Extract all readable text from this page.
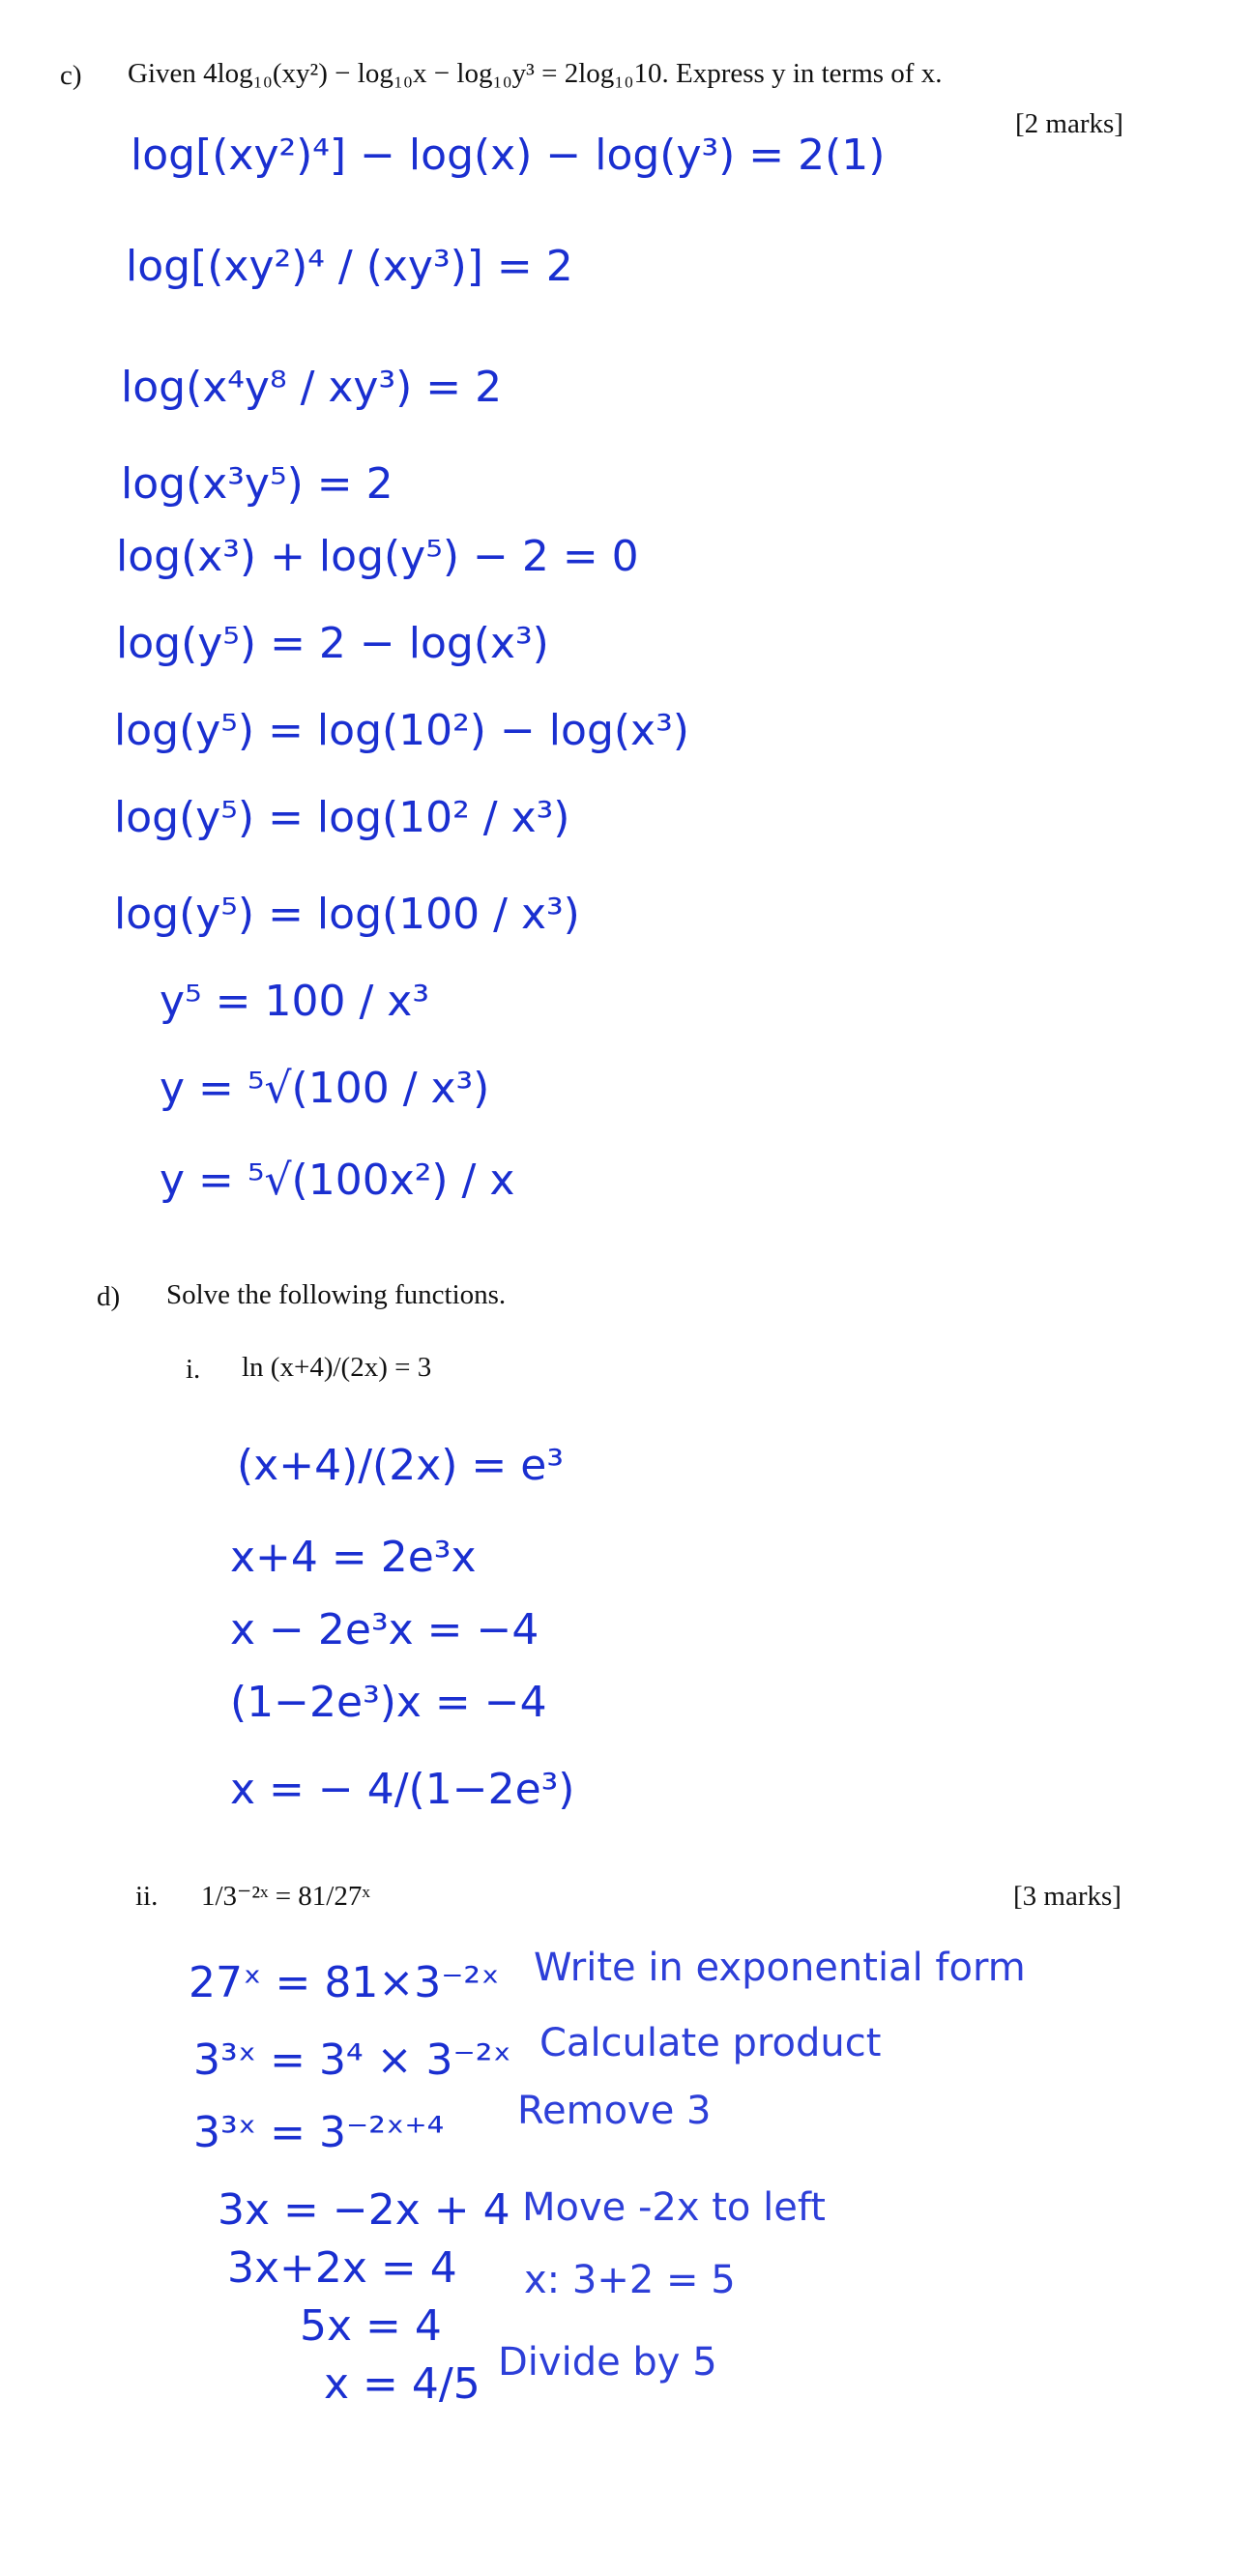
c) Given 4log₁₀(xy²) − log₁₀x − log₁₀y³ = 2log₁₀10. Express y in terms of x.
[2 marks]
log[(xy²)⁴] − log(x) − log(y³) = 2(1)
log[(xy²)⁴ / (xy³)] = 2
log(x⁴y⁸ / xy³) = 2
log(x³y⁵) = 2
log(x³) + log(y⁵) − 2 = 0
log(y⁵) = 2 − log(x³)
log(y⁵) = log(10²) − log(x³)
log(y⁵) = log(10² / x³)
log(y⁵) = log(100 / x³)
y⁵ = 100 / x³
y = ⁵√(100 / x³)
y = ⁵√(100x²) / x
d) Solve the following functions.
i. ln (x+4)/(2x) = 3
(x+4)/(2x) = e³
x+4 = 2e³x
x − 2e³x = −4
(1−2e³)x = −4
x = − 4/(1−2e³)
ii. 1/3⁻²ˣ = 81/27ˣ	[3 marks]
27ˣ = 81×3⁻²ˣ Write in exponential form
3³ˣ = 3⁴ × 3⁻²ˣ Calculate product
3³ˣ = 3⁻²ˣ⁺⁴ Remove 3
3x = −2x + 4 Move -2x to left
3x+2x = 4 x: 3+2 = 5
5x = 4
x = 4/5 Divide by 5
